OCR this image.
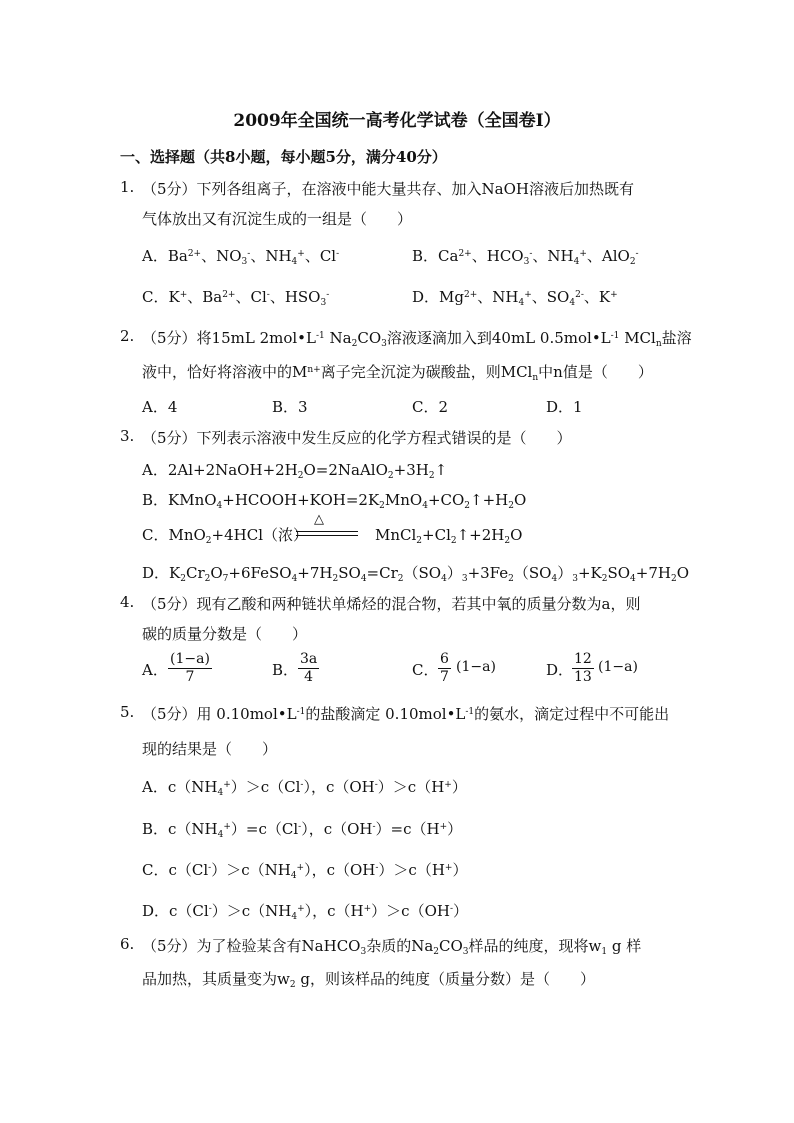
2009年全国统一高考化学试卷（全国卷Ⅰ）
一、选择题（共8小题，每小题5分，满分40分）
1. （5分）下列各组离子，在溶液中能大量共存、加入NaOH溶液后加热既有
气体放出又有沉淀生成的一组是（　　）
A．$Ba^{2+}$、$NO_3^-$、$NH_4^+$、Cl-	B．$Ca^{2+}$、$HCO_3^-$、$NH_4^+$、AlO$_2$-
C．K+、$Ba^{2+}$、Cl-、$HSO_3^-$	D．$Mg^{2+}$、$NH_4^+$、$SO_4^{2-}$、K+
2. （5分）将15mL $2mol•L^{-1}$ $Na_2CO_3$溶液逐滴加入到40mL $0.5mol•L^{-1}$ MCl$_n$盐溶
液中，恰好将溶液中的$M^{n+}$离子完全沉淀为碳酸盐，则MCl$_n$中n值是（　　）
A．4	B．3	C．2	D．1
3. （5分）下列表示溶液中发生反应的化学方程式错误的是（　　）
A．$2Al+2NaOH+2H_2O=2NaAlO_2+3H_2↑$
B．$KMnO_4+HCOOH+KOH=2K_2MnO_4+CO_2↑+H_2O$
C．MnO$_2$+4HCl（浓）	$MnCl_2+Cl_2↑+2H_2O$
△
D．$K_2Cr_2O_7+6FeSO_4+7H_2SO_4=Cr_2(SO_4)_3+3Fe_2(SO_4)_3+K_2SO_4+7H_2O$
4. （5分）现有乙酸和两种链状单烯烃的混合物，若其中氧的质量分数为a，则
碳的质量分数是（　　）
A． $\frac{(1-a)}{7}$	B． $\frac{3a}{4}$	C． $\frac{6}{7} (1-a)$	D．
$\frac{12}{13} (1-a)$
5. （5分）用 $0.10mol•L^{-1}$的盐酸滴定 $0.10mol•L^{-1}$的氨水，滴定过程中不可能出
现的结果是（　　）
A．$c(NH_4^+)>c(Cl^-)$，c（OH-）＞c（H+）
B．$c(NH_4^+)=c(Cl^-)$，c（OH-）=c（H+）
C．$c(Cl^-)>c(NH_4^+)$，c（OH-）＞c（H+）
D．$c(Cl^-)>c(NH_4^+)$，c（H+）＞c（OH-）
6. （5分）为了检验某含有NaHCO$_3$杂质的$Na_2CO_3$样品的纯度，现将$w_1$ g 样
品加热，其质量变为$w_2$ g，则该样品的纯度（质量分数）是（　　）
